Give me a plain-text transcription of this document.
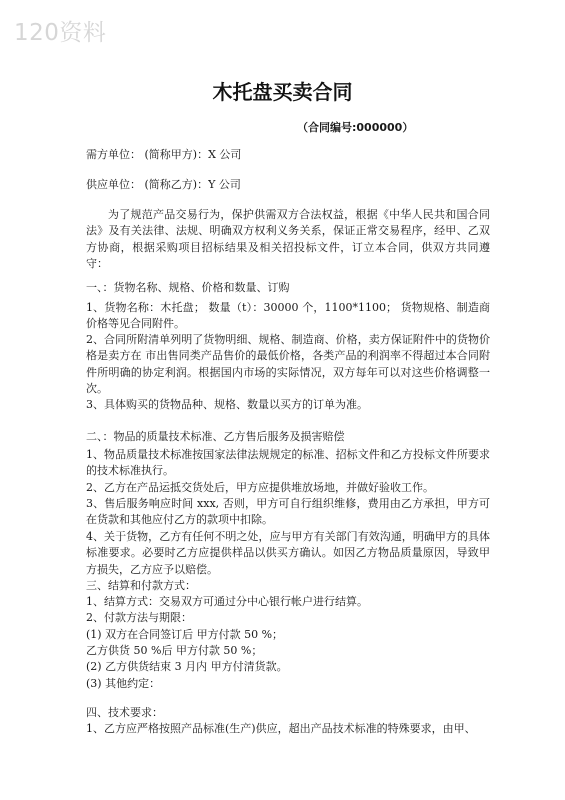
120资料
木托盘买卖合同
（合同编号:000000）
需方单位： (简称甲方)：X 公司
供应单位： (简称乙方)：Y 公司
为了规范产品交易行为，保护供需双方合法权益，根据《中华人民共和国合同法》及有关法律、法规、明确双方权利义务关系，保证正常交易程序，经甲、乙双方协商，根据采购项目招标结果及相关招投标文件，订立本合同，供双方共同遵守：
一、：货物名称、规格、价格和数量、订购
1、货物名称：木托盘； 数量（t）：30000 个，1100*1100； 货物规格、制造商价格等见合同附件。
2、合同所附清单列明了货物明细、规格、制造商、价格，卖方保证附件中的货物价格是卖方在 市出售同类产品售价的最低价格，各类产品的利润率不得超过本合同附件所明确的协定利润。根据国内市场的实际情况，双方每年可以对这些价格调整一次。
3、具体购买的货物品种、规格、数量以买方的订单为准。
二、：物品的质量技术标准、乙方售后服务及损害赔偿
1、物品质量技术标准按国家法律法规规定的标准、招标文件和乙方投标文件所要求的技术标准执行。
2、乙方在产品运抵交货处后，甲方应提供堆放场地，并做好验收工作。
3、售后服务响应时间 xxx, 否则，甲方可自行组织维修，费用由乙方承担，甲方可在货款和其他应付乙方的款项中扣除。
4、关于货物，乙方有任何不明之处，应与甲方有关部门有效沟通，明确甲方的具体标准要求。必要时乙方应提供样品以供买方确认。如因乙方物品质量原因，导致甲方损失，乙方应予以赔偿。
三、结算和付款方式：
1、结算方式：交易双方可通过分中心银行帐户进行结算。
2、付款方法与期限：
(1) 双方在合同签订后 甲方付款 50 %；
乙方供货 50 %后 甲方付款 50 %；
(2) 乙方供货结束 3 月内 甲方付清货款。
(3) 其他约定：
四、技术要求：
1、乙方应严格按照产品标准(生产)供应，超出产品技术标准的特殊要求，由甲、
